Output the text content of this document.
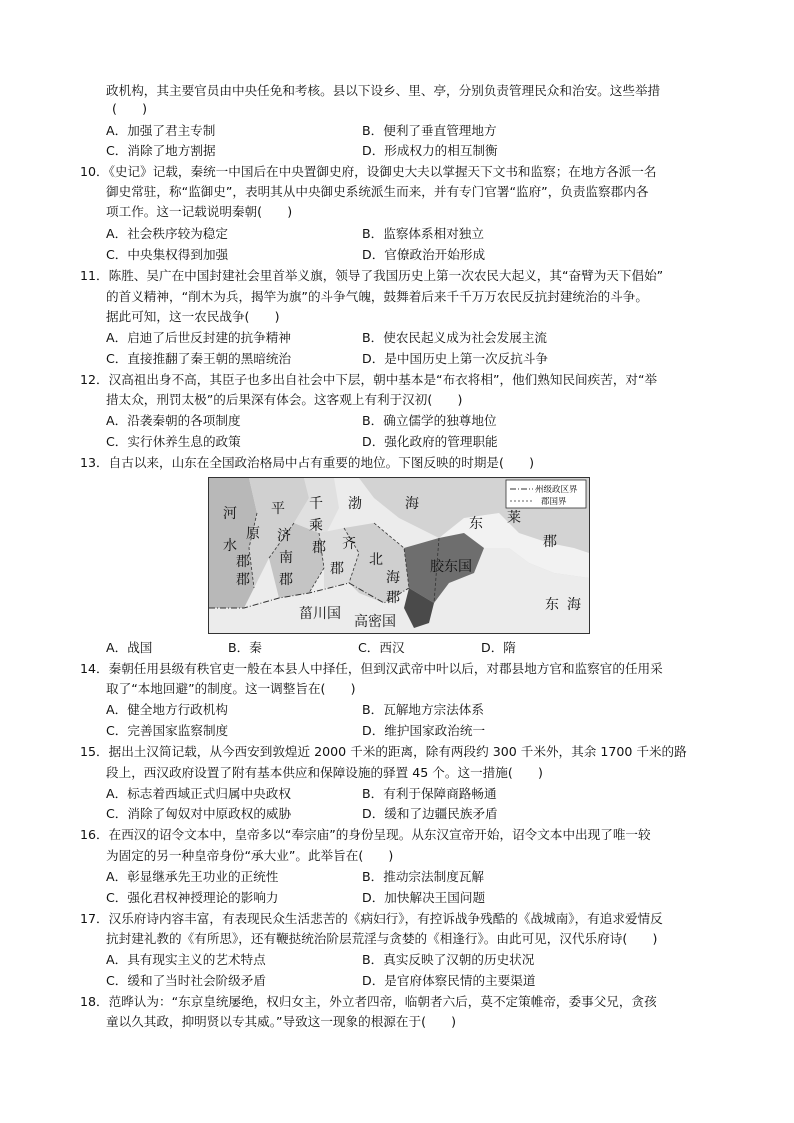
政机构，其主要官员由中央任免和考核。县以下设乡、里、亭，分别负责管理民众和治安。这些举措
(　　)
A．加强了君主专制	B．便利了垂直管理地方
C．消除了地方割据	D．形成权力的相互制衡
10．《史记》记载，秦统一中国后在中央置御史府，设御史大夫以掌握天下文书和监察；在地方各派一名
御史常驻，称“监御史”，表明其从中央御史系统派生而来，并有专门官署“监府”，负责监察郡内各
项工作。这一记载说明秦朝(　　)
A．社会秩序较为稳定	B．监察体系相对独立
C．中央集权得到加强	D．官僚政治开始形成
11．陈胜、吴广在中国封建社会里首举义旗，领导了我国历史上第一次农民大起义，其“奋臂为天下倡始”
的首义精神，“削木为兵，揭竿为旗”的斗争气魄，鼓舞着后来千千万万农民反抗封建统治的斗争。
据此可知，这一农民战争(　　)
A．启迪了后世反封建的抗争精神	B．使农民起义成为社会发展主流
C．直接推翻了秦王朝的黑暗统治	D．是中国历史上第一次反抗斗争
12．汉高祖出身不高，其臣子也多出自社会中下层，朝中基本是“布衣将相”，他们熟知民间疾苦，对“举
措太众，刑罚太极”的后果深有体会。这客观上有利于汉初(　　)
A．沿袭秦朝的各项制度	B．确立儒学的独尊地位
C．实行休养生息的政策	D．强化政府的管理职能
13．自古以来，山东在全国政治格局中占有重要的地位。下图反映的时期是(　　)
州级政区界
郡国界
河
水
原
平
郡
济
南
郡
千
乘
郡 齐
郡
北
海
郡
渤	海
东 莱
郡
胶东国
东 海
菑川国 高密国
郡
A．战国	B．秦	C．西汉	D．隋
14．秦朝任用县级有秩官吏一般在本县人中择任，但到汉武帝中叶以后，对郡县地方官和监察官的任用采
取了“本地回避”的制度。这一调整旨在(　　)
A．健全地方行政机构	B．瓦解地方宗法体系
C．完善国家监察制度	D．维护国家政治统一
15．据出土汉简记载，从今西安到敦煌近 2000 千米的距离，除有两段约 300 千米外，其余 1700 千米的路
段上，西汉政府设置了附有基本供应和保障设施的驿置 45 个。这一措施(　　)
A．标志着西域正式归属中央政权	B．有利于保障商路畅通
C．消除了匈奴对中原政权的威胁	D．缓和了边疆民族矛盾
16．在西汉的诏令文本中，皇帝多以“奉宗庙”的身份呈现。从东汉宣帝开始，诏令文本中出现了唯一较
为固定的另一种皇帝身份“承大业”。此举旨在(　　)
A．彰显继承先王功业的正统性	B．推动宗法制度瓦解
C．强化君权神授理论的影响力	D．加快解决王国问题
17．汉乐府诗内容丰富，有表现民众生活悲苦的《病妇行》，有控诉战争残酷的《战城南》，有追求爱情反
抗封建礼教的《有所思》，还有鞭挞统治阶层荒淫与贪婪的《相逢行》。由此可见，汉代乐府诗(　　)
A．具有现实主义的艺术特点	B．真实反映了汉朝的历史状况
C．缓和了当时社会阶级矛盾	D．是官府体察民情的主要渠道
18．范晔认为：“东京皇统屡绝，权归女主，外立者四帝，临朝者六后，莫不定策帷帝，委事父兄，贪孩
童以久其政，抑明贤以专其威。”导致这一现象的根源在于(　　)
